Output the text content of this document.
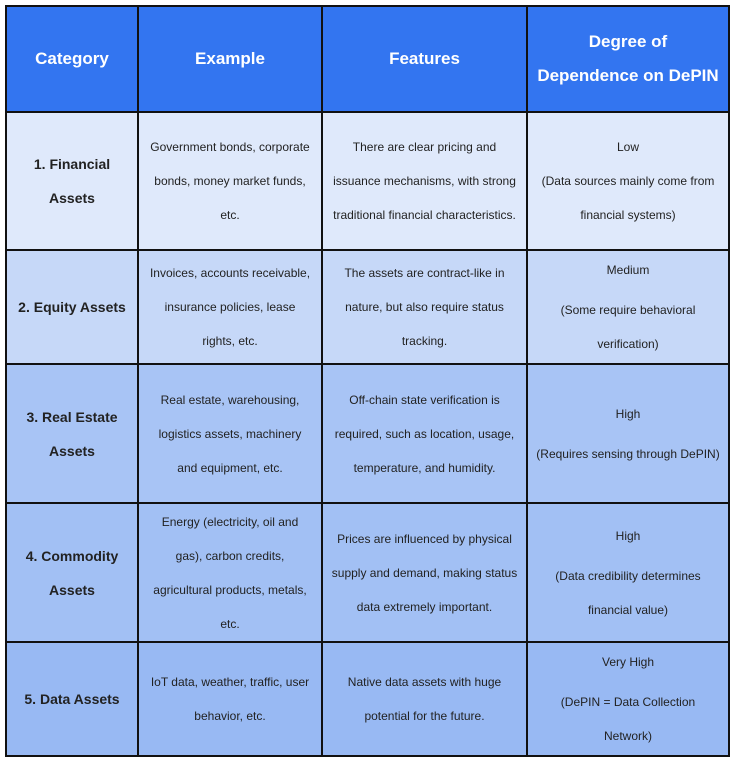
Category	Example	Features	Degree of Dependence on DePIN
1. Financial Assets	Government bonds, corporate bonds, money market funds, etc.	There are clear pricing and issuance mechanisms, with strong traditional financial characteristics.	Low
(Data sources mainly come from financial systems)

2. Equity Assets	Invoices, accounts receivable, insurance policies, lease rights, etc.	The assets are contract-like in nature, but also require status tracking.	Medium
(Some require behavioral verification)

3. Real Estate Assets	Real estate, warehousing, logistics assets, machinery and equipment, etc.	Off-chain state verification is required, such as location, usage, temperature, and humidity.	High
(Requires sensing through DePIN)

4. Commodity Assets	Energy (electricity, oil and gas), carbon credits, agricultural products, metals, etc.	Prices are influenced by physical supply and demand, making status data extremely important.	High
(Data credibility determines financial value)

5. Data Assets	IoT data, weather, traffic, user behavior, etc.	Native data assets with huge potential for the future.	Very High
(DePIN = Data Collection Network)
